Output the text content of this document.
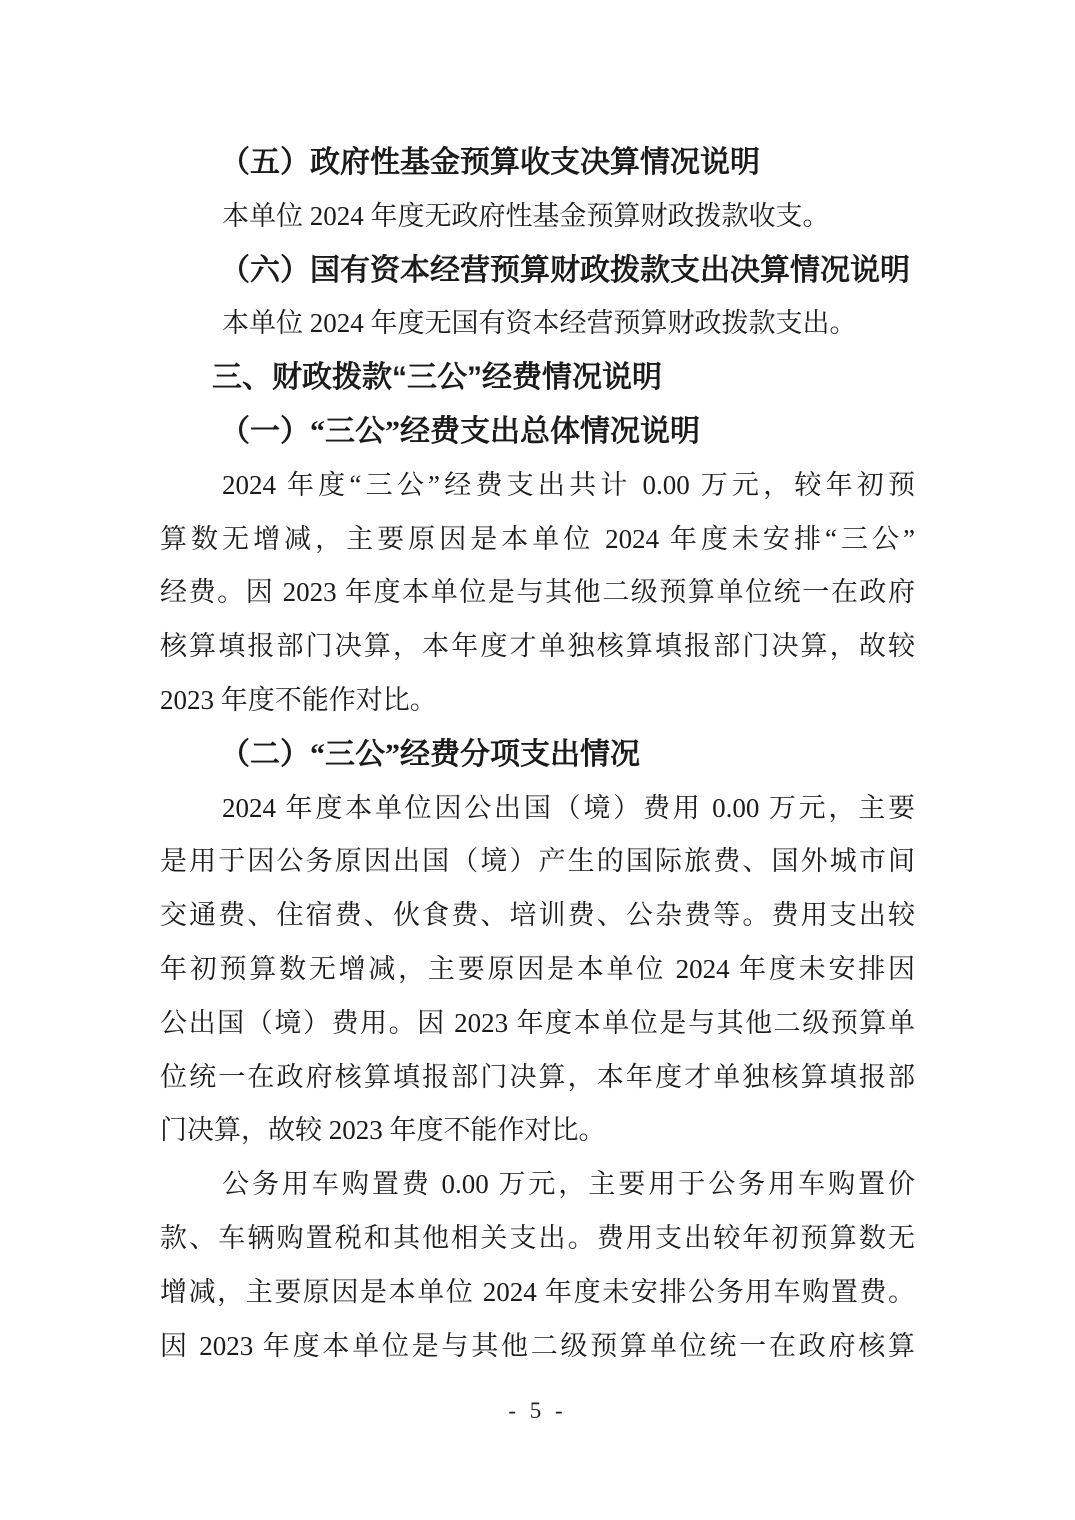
（五）政府性基金预算收支决算情况说明
本单位 2024 年度无政府性基金预算财政拨款收支。
（六）国有资本经营预算财政拨款支出决算情况说明
本单位 2024 年度无国有资本经营预算财政拨款支出。
三、财政拨款“三公”经费情况说明
（一）“三公”经费支出总体情况说明
2024 年度“三公”经费支出共计 0.00 万元，较年初预
算数无增减，主要原因是本单位 2024 年度未安排“三公”
经费。因 2023 年度本单位是与其他二级预算单位统一在政府
核算填报部门决算，本年度才单独核算填报部门决算，故较
2023 年度不能作对比。
（二）“三公”经费分项支出情况
2024 年度本单位因公出国（境）费用 0.00 万元，主要
是用于因公务原因出国（境）产生的国际旅费、国外城市间
交通费、住宿费、伙食费、培训费、公杂费等。费用支出较
年初预算数无增减，主要原因是本单位 2024 年度未安排因
公出国（境）费用。因 2023 年度本单位是与其他二级预算单
位统一在政府核算填报部门决算，本年度才单独核算填报部
门决算，故较 2023 年度不能作对比。
公务用车购置费 0.00 万元，主要用于公务用车购置价
款、车辆购置税和其他相关支出。费用支出较年初预算数无
增减，主要原因是本单位 2024 年度未安排公务用车购置费。
因 2023 年度本单位是与其他二级预算单位统一在政府核算
- 5 -
